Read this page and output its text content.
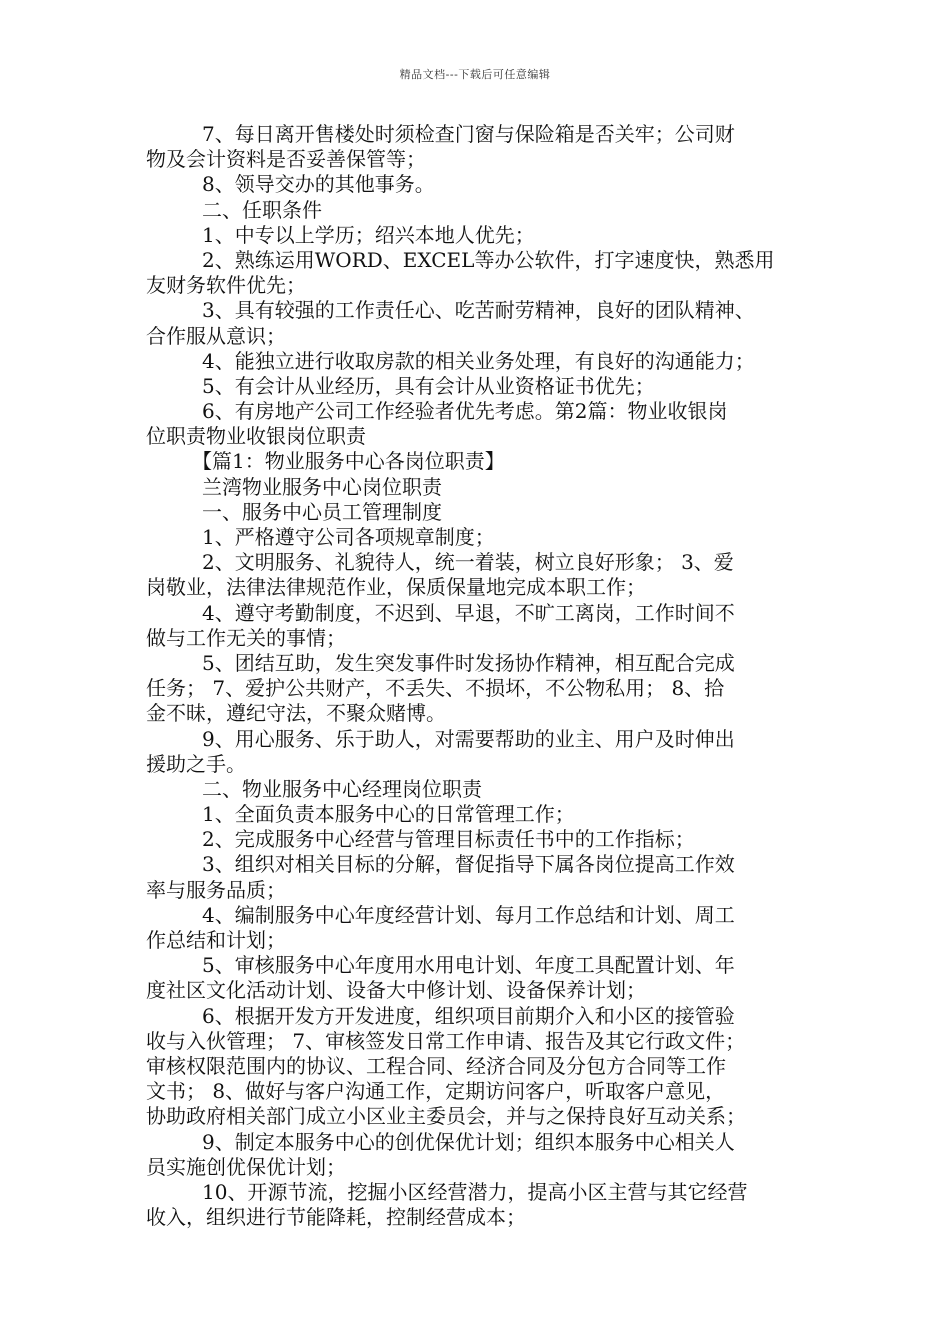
精品文档---下载后可任意编辑
7、每日离开售楼处时须检查门窗与保险箱是否关牢；公司财
物及会计资料是否妥善保管等；
8、领导交办的其他事务。
二、任职条件
1、中专以上学历；绍兴本地人优先；
2、熟练运用WORD、EXCEL等办公软件，打字速度快，熟悉用
友财务软件优先；
3、具有较强的工作责任心、吃苦耐劳精神，良好的团队精神、
合作服从意识；
4、能独立进行收取房款的相关业务处理，有良好的沟通能力；
5、有会计从业经历，具有会计从业资格证书优先；
6、有房地产公司工作经验者优先考虑。第2篇：物业收银岗
位职责物业收银岗位职责
【篇1：物业服务中心各岗位职责】
兰湾物业服务中心岗位职责
一、服务中心员工管理制度
1、严格遵守公司各项规章制度；
2、文明服务、礼貌待人，统一着装，树立良好形象； 3、爱
岗敬业，法律法律规范作业，保质保量地完成本职工作；
4、遵守考勤制度，不迟到、早退，不旷工离岗，工作时间不
做与工作无关的事情；
5、团结互助，发生突发事件时发扬协作精神，相互配合完成
任务； 7、爱护公共财产，不丢失、不损坏，不公物私用； 8、拾
金不昧，遵纪守法，不聚众赌博。
9、用心服务、乐于助人，对需要帮助的业主、用户及时伸出
援助之手。
二、物业服务中心经理岗位职责
1、全面负责本服务中心的日常管理工作；
2、完成服务中心经营与管理目标责任书中的工作指标；
3、组织对相关目标的分解，督促指导下属各岗位提高工作效
率与服务品质；
4、编制服务中心年度经营计划、每月工作总结和计划、周工
作总结和计划；
5、审核服务中心年度用水用电计划、年度工具配置计划、年
度社区文化活动计划、设备大中修计划、设备保养计划；
6、根据开发方开发进度，组织项目前期介入和小区的接管验
收与入伙管理； 7、审核签发日常工作申请、报告及其它行政文件；
审核权限范围内的协议、工程合同、经济合同及分包方合同等工作
文书； 8、做好与客户沟通工作，定期访问客户，听取客户意见，
协助政府相关部门成立小区业主委员会，并与之保持良好互动关系；
9、制定本服务中心的创优保优计划；组织本服务中心相关人
员实施创优保优计划；
10、开源节流，挖掘小区经营潜力，提高小区主营与其它经营
收入，组织进行节能降耗，控制经营成本；
